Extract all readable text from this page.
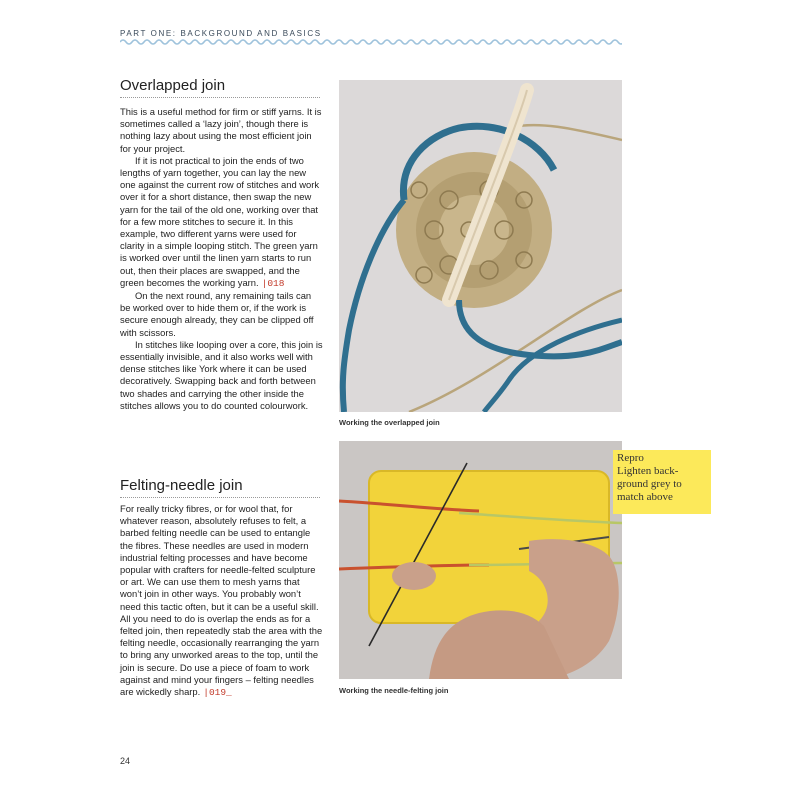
PART ONE: BACKGROUND AND BASICS
Overlapped join

This is a useful method for firm or stiff yarns. It is sometimes called a ‘lazy join’, though there is nothing lazy about using the most efficient join for your project.

If it is not practical to join the ends of two lengths of yarn together, you can lay the new one against the current row of stitches and work over it for a short distance, then swap the new yarn for the tail of the old one, working over that for a few more stitches to secure it. In this example, two different yarns were used for clarity in a simple looping stitch. The green yarn is worked over until the linen yarn starts to run out, then their places are swapped, and the green becomes the working yarn. |018

On the next round, any remaining tails can be worked over to hide them or, if the work is secure enough already, they can be clipped off with scissors.

In stitches like looping over a core, this join is essentially invisible, and it also works well with dense stitches like York where it can be used decoratively. Swapping back and forth between two shades and carrying the other inside the stitches allows you to do counted colourwork.

Felting-needle join

For really tricky fibres, or for wool that, for whatever reason, absolutely refuses to felt, a barbed felting needle can be used to entangle the fibres. These needles are used in modern industrial felting processes and have become popular with crafters for needle-felted sculpture or art. We can use them to mesh yarns that won’t join in other ways. You probably won’t need this tactic often, but it can be a useful skill. All you need to do is overlap the ends as for a felted join, then repeatedly stab the area with the felting needle, occasionally rearranging the yarn to bring any unworked areas to the top, until the join is secure. Do use a piece of foam to work against and mind your fingers – felting needles are wickedly sharp. |019_

Working the overlapped join
Working the needle-felting join
Repro
Lighten back-
ground grey to
match above
24
